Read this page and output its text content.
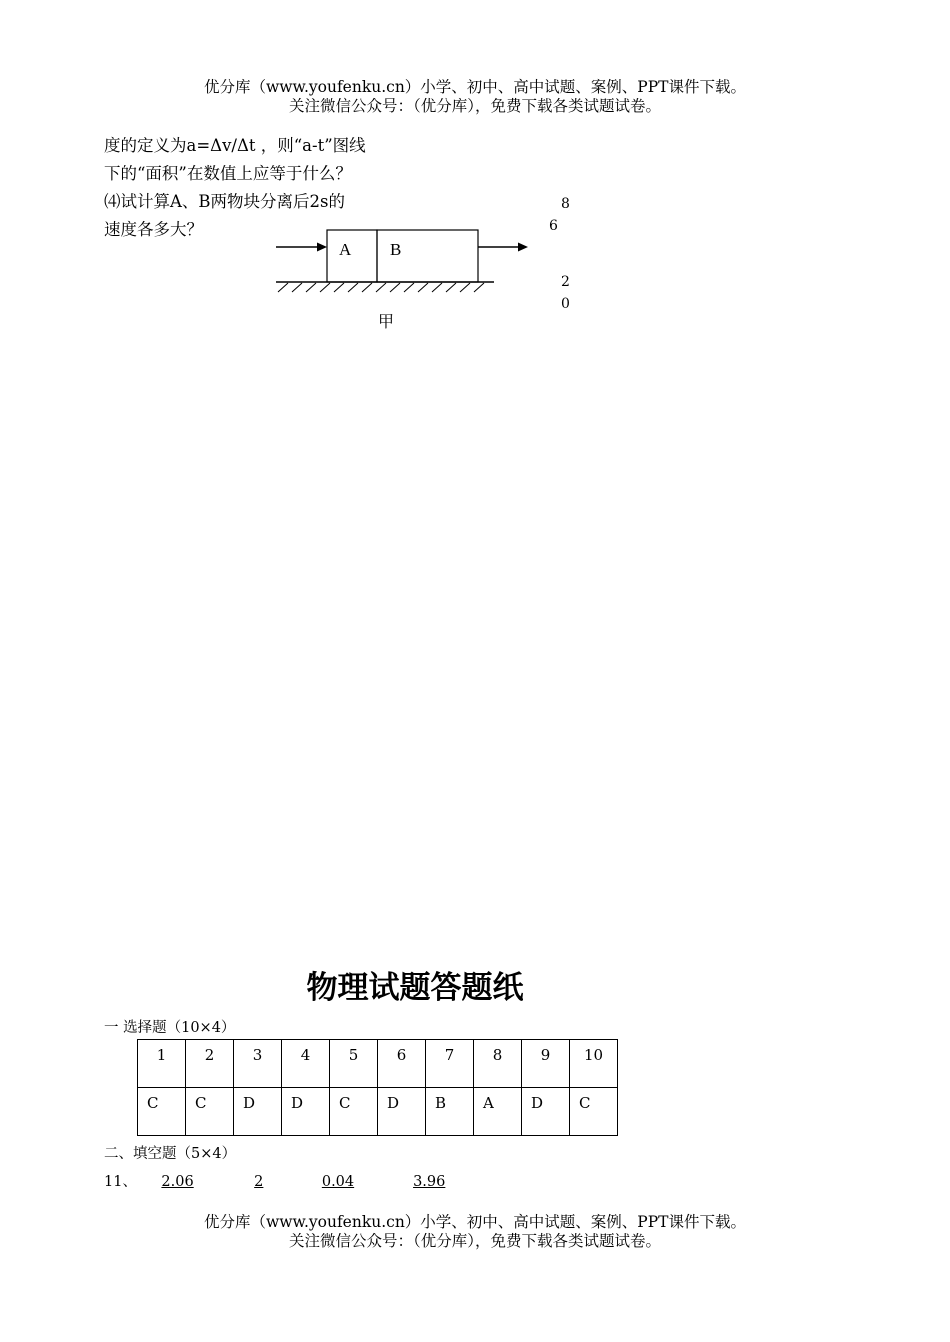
优分库（www.youfenku.cn）小学、初中、高中试题、案例、PPT课件下载。
关注微信公众号：（优分库），免费下载各类试题试卷。
度的定义为a=Δv/Δt ，则“a-t”图线
下的“面积”在数值上应等于什么？
⑷试计算A、B两物块分离后2s的
速度各多大？
8
6
2
0
A B
甲
物理试题答题纸
一 选择题（10×4）
1	2	3	4	5	6	7	8	9	10
C	C	D	D	C	D	B	A	D	C
二、填空题（5×4）
11、 2.06	2	0.04	3.96
优分库（www.youfenku.cn）小学、初中、高中试题、案例、PPT课件下载。
关注微信公众号：（优分库），免费下载各类试题试卷。
